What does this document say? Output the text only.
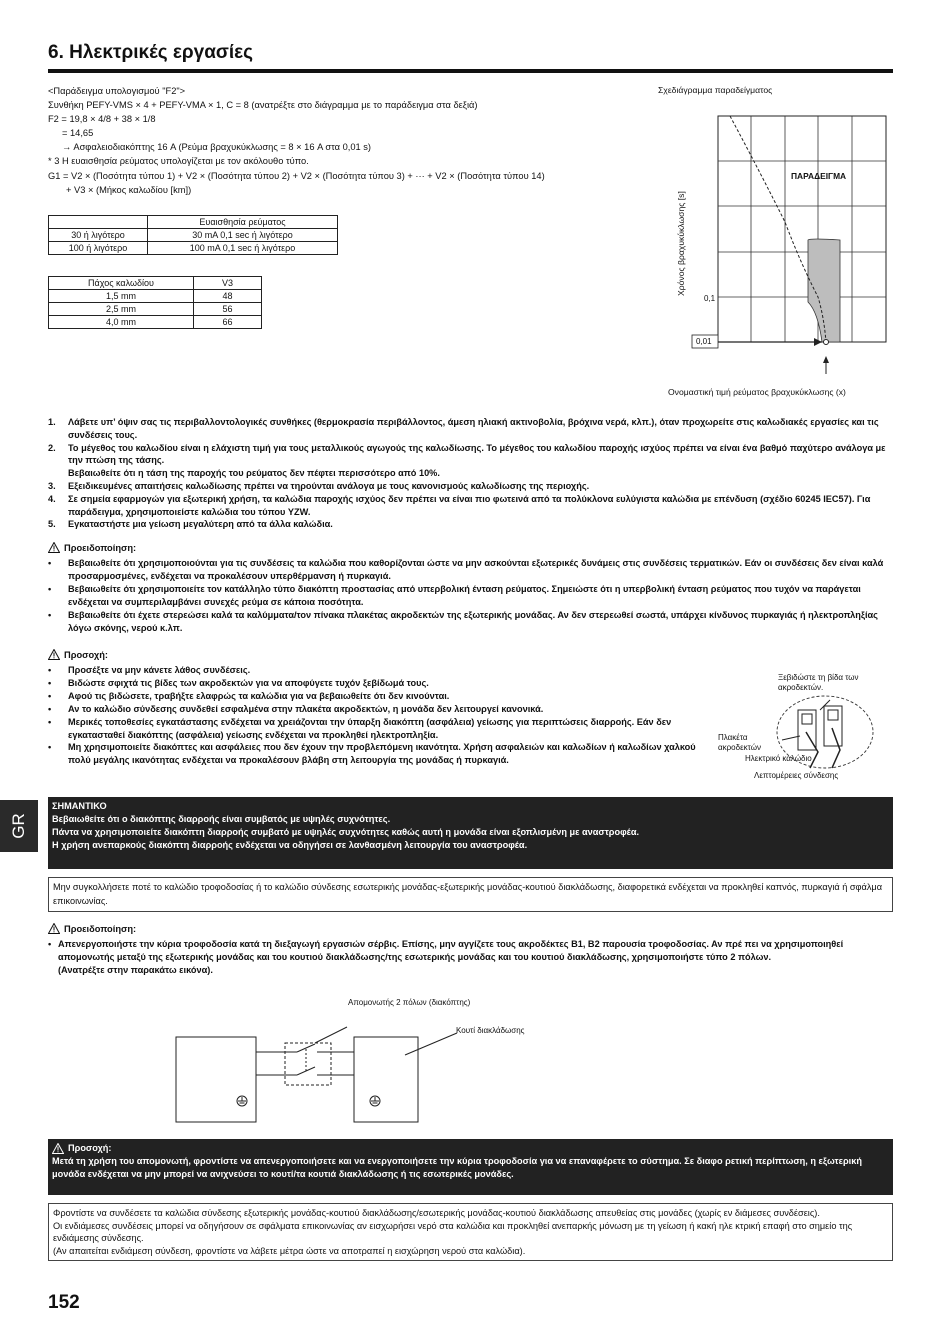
6. Ηλεκτρικές εργασίες
<Παράδειγμα υπολογισμού "F2">
Συνθήκη PEFY-VMS × 4 + PEFY-VMA × 1, C = 8 (ανατρέξτε στο διάγραμμα με το παράδειγμα στα δεξιά)
F2 = 19,8 × 4/8 + 38 × 1/8
= 14,65
→ Ασφαλειοδιακόπτης 16 A (Ρεύμα βραχυκύκλωσης = 8 × 16 A στα 0,01 s)
* 3 Η ευαισθησία ρεύματος υπολογίζεται με τον ακόλουθο τύπο.
G1 = V2 × (Ποσότητα τύπου 1) + V2 × (Ποσότητα τύπου 2) + V2 × (Ποσότητα τύπου 3) + ··· + V2 × (Ποσότητα τύπου 14)
+ V3 × (Μήκος καλωδίου [km])
	Ευαισθησία ρεύματος
30 ή λιγότερο	30 mA 0,1 sec ή λιγότερο
100 ή λιγότερο	100 mA 0,1 sec ή λιγότερο
Πάχος καλωδίου	V3
1,5 mm	48
2,5 mm	56
4,0 mm	66
Σχεδιάγραμμα παραδείγματος
Ονομαστική τιμή ρεύματος βραχυκύκλωσης (x)
Χρόνος βραχυκύκλωσης [s]
0,1
0,01
ΠΑΡΑΔΕΙΓΜΑ
1.	Λάβετε υπ’ όψιν σας τις περιβαλλοντολογικές συνθήκες (θερμοκρασία περιβάλλοντος, άμεση ηλιακή ακτινοβολία, βρόχινα νερά, κλπ.), όταν προχωρείτε στις καλωδιακές εργασίες και τις συνδέσεις τους.
2.	Το μέγεθος του καλωδίου είναι η ελάχιστη τιμή για τους μεταλλικούς αγωγούς της καλωδίωσης. Το μέγεθος του καλωδίου παροχής ισχύος πρέπει να είναι ένα βαθμό παχύτερο ανάλογα με την πτώση της τάσης.
Βεβαιωθείτε ότι η τάση της παροχής του ρεύματος δεν πέφτει περισσότερο από 10%.
3.	Εξειδικευμένες απαιτήσεις καλωδίωσης πρέπει να τηρούνται ανάλογα με τους κανονισμούς καλωδίωσης της περιοχής.
4.	Σε σημεία εφαρμογών για εξωτερική χρήση, τα καλώδια παροχής ισχύος δεν πρέπει να είναι πιο φωτεινά από τα πολύκλονα ευλύγιστα καλώδια με επένδυση (σχέδιο 60245 IEC57). Για παράδειγμα, χρησιμοποιείστε καλώδια του τύπου YZW.
5.	Εγκαταστήστε μια γείωση μεγαλύτερη από τα άλλα καλώδια.
Προειδοποίηση:
•	Βεβαιωθείτε ότι χρησιμοποιούνται για τις συνδέσεις τα καλώδια που καθορίζονται ώστε να μην ασκούνται εξωτερικές δυνάμεις στις συνδέσεις τερματικών. Εάν οι συνδέσεις δεν είναι καλά προσαρμοσμένες, ενδέχεται να προκαλέσουν υπερθέρμανση ή πυρκαγιά.
•	Βεβαιωθείτε ότι χρησιμοποιείτε τον κατάλληλο τύπο διακόπτη προστασίας από υπερβολική ένταση ρεύματος. Σημειώστε ότι η υπερβολική ένταση ρεύματος που τυχόν να παράγεται ενδέχεται να συμπεριλαμβάνει συνεχές ρεύμα σε κάποια ποσότητα.
•	Βεβαιωθείτε ότι έχετε στερεώσει καλά τα καλύμματα/τον πίνακα πλακέτας ακροδεκτών της εξωτερικής μονάδας. Αν δεν στερεωθεί σωστά, υπάρχει κίνδυνος πυρκαγιάς ή ηλεκτροπληξίας λόγω σκόνης, νερού κ.λπ.
Προσοχή:
•	Προσέξτε να μην κάνετε λάθος συνδέσεις.
•	Βιδώστε σφιχτά τις βίδες των ακροδεκτών για να αποφύγετε τυχόν ξεβίδωμά τους.
•	Αφού τις βιδώσετε, τραβήξτε ελαφρώς τα καλώδια για να βεβαιωθείτε ότι δεν κινούνται.
•	Αν το καλώδιο σύνδεσης συνδεθεί εσφαλμένα στην πλακέτα ακροδεκτών, η μονάδα δεν λειτουργεί κανονικά.
•	Μερικές τοποθεσίες εγκατάστασης ενδέχεται να χρειάζονται την ύπαρξη διακόπτη (ασφάλεια) γείωσης για περιπτώσεις διαρροής. Εάν δεν εγκατασταθεί διακόπτης (ασφάλεια) γείωσης ενδέχεται να προκληθεί ηλεκτροπληξία.
•	Μη χρησιμοποιείτε διακόπτες και ασφάλειες που δεν έχουν την προβλεπόμενη ικανότητα. Χρήση ασφαλειών και καλωδίων ή καλωδίων χαλκού πολύ μεγάλης ικανότητας ενδέχεται να προκαλέσουν βλάβη στη λειτουργία της μονάδας ή πυρκαγιά.
Ξεβιδώστε τη βίδα των ακροδεκτών.
Πλακέτα ακροδεκτών
Ηλεκτρικό καλώδιο
Λεπτομέρειες σύνδεσης
GR
ΣΗΜΑΝΤΙΚΟ
Βεβαιωθείτε ότι ο διακόπτης διαρροής είναι συμβατός με υψηλές συχνότητες.
Πάντα να χρησιμοποιείτε διακόπτη διαρροής συμβατό με υψηλές συχνότητες καθώς αυτή η μονάδα είναι εξοπλισμένη με αναστροφέα.
Η χρήση ανεπαρκούς διακόπτη διαρροής ενδέχεται να οδηγήσει σε λανθασμένη λειτουργία του αναστροφέα.
Μην συγκολλήσετε ποτέ το καλώδιο τροφοδοσίας ή το καλώδιο σύνδεσης εσωτερικής μονάδας-εξωτερικής μονάδας-κουτιού διακλάδωσης, διαφορετικά ενδέχεται να προκληθεί καπνός, πυρκαγιά ή σφάλμα επικοινωνίας.
Προειδοποίηση:
• Απενεργοποιήστε την κύρια τροφοδοσία κατά τη διεξαγωγή εργασιών σέρβις. Επίσης, μην αγγίζετε τους ακροδέκτες B1, B2 παρουσία τροφοδοσίας. Αν πρέ πει να χρησιμοποιηθεί απομονωτής μεταξύ της εξωτερικής μονάδας και του κουτιού διακλάδωσης/της εσωτερικής μονάδας και του κουτιού διακλάδωσης, χρησιμοποιήστε τύπο 2 πόλων.
(Ανατρέξτε στην παρακάτω εικόνα).
Απομονωτής 2 πόλων (διακόπτης)
Κουτί διακλάδωσης
Προσοχή:
Μετά τη χρήση του απομονωτή, φροντίστε να απενεργοποιήσετε και να ενεργοποιήσετε την κύρια τροφοδοσία για να επαναφέρετε το σύστημα. Σε διαφο ρετική περίπτωση, η εξωτερική μονάδα ενδέχεται να μην μπορεί να ανιχνεύσει το κουτί/τα κουτιά διακλάδωσης ή τις εσωτερικές μονάδες.
Φροντίστε να συνδέσετε τα καλώδια σύνδεσης εξωτερικής μονάδας-κουτιού διακλάδωσης/εσωτερικής μονάδας-κουτιού διακλάδωσης απευθείας στις μονάδες (χωρίς εν διάμεσες συνδέσεις).
Οι ενδιάμεσες συνδέσεις μπορεί να οδηγήσουν σε σφάλματα επικοινωνίας αν εισχωρήσει νερό στα καλώδια και προκληθεί ανεπαρκής μόνωση με τη γείωση ή κακή ηλε κτρική επαφή στο σημείο της ενδιάμεσης σύνδεσης.
(Αν απαιτείται ενδιάμεση σύνδεση, φροντίστε να λάβετε μέτρα ώστε να αποτραπεί η εισχώρηση νερού στα καλώδια).
152
